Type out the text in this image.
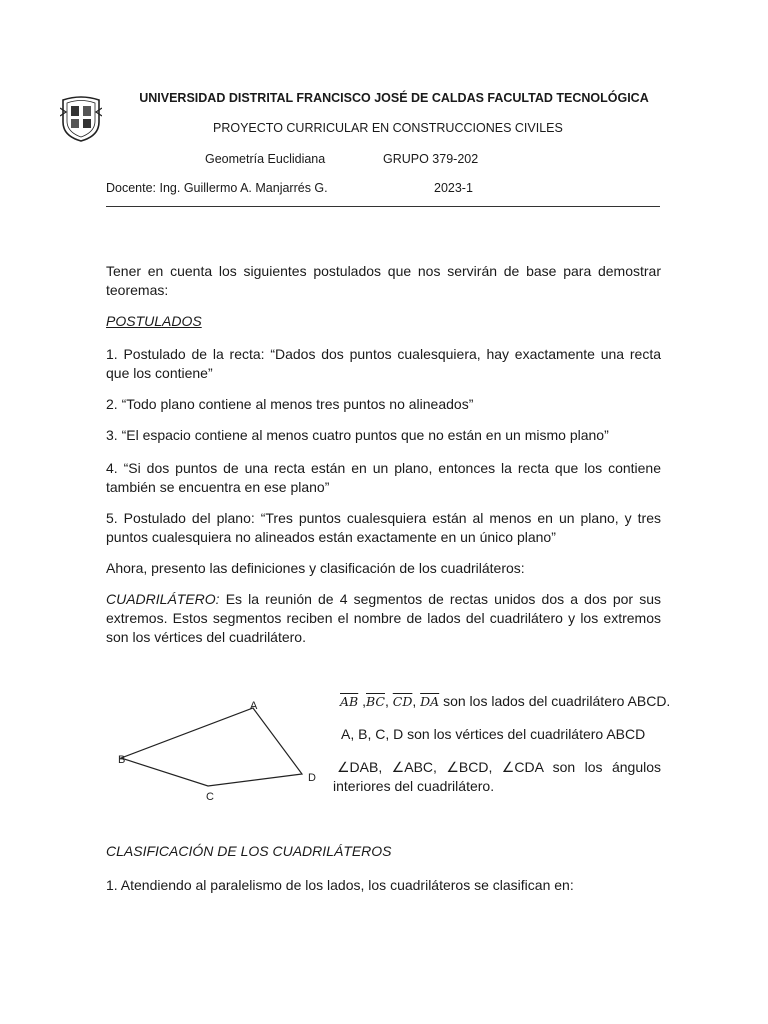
UNIVERSIDAD DISTRITAL FRANCISCO JOSÉ DE CALDAS FACULTAD TECNOLÓGICA
PROYECTO CURRICULAR EN CONSTRUCCIONES CIVILES
Geometría Euclidiana	GRUPO 379-202
Docente: Ing. Guillermo A. Manjarrés G.	2023-1
Tener en cuenta los siguientes postulados que nos servirán de base para demostrar teoremas:
POSTULADOS
1. Postulado de la recta: “Dados dos puntos cualesquiera, hay exactamente una recta que los contiene”
2. “Todo plano contiene al menos tres puntos no alineados”
3. “El espacio contiene al menos cuatro puntos que no están en un mismo plano”
4. “Si dos puntos de una recta están en un plano, entonces la recta que los contiene también se encuentra en ese plano”
5. Postulado del plano: “Tres puntos cualesquiera están al menos en un plano, y tres puntos cualesquiera no alineados están exactamente en un único plano”
Ahora, presento las definiciones y clasificación de los cuadriláteros:
CUADRILÁTERO: Es la reunión de 4 segmentos de rectas unidos dos a dos por sus extremos. Estos segmentos reciben el nombre de lados del cuadrilátero y los extremos son los vértices del cuadrilátero.
A
B
C
D
$\overline{AB}$ $,\overline{BC}$, $\overline{CD}$, $\overline{DA}$ son los lados del cuadrilátero ABCD.
A, B, C, D son los vértices del cuadrilátero ABCD
∠DAB, ∠ABC, ∠BCD, ∠CDA son los ángulos interiores del cuadrilátero.
CLASIFICACIÓN DE LOS CUADRILÁTEROS
1. Atendiendo al paralelismo de los lados, los cuadriláteros se clasifican en:
